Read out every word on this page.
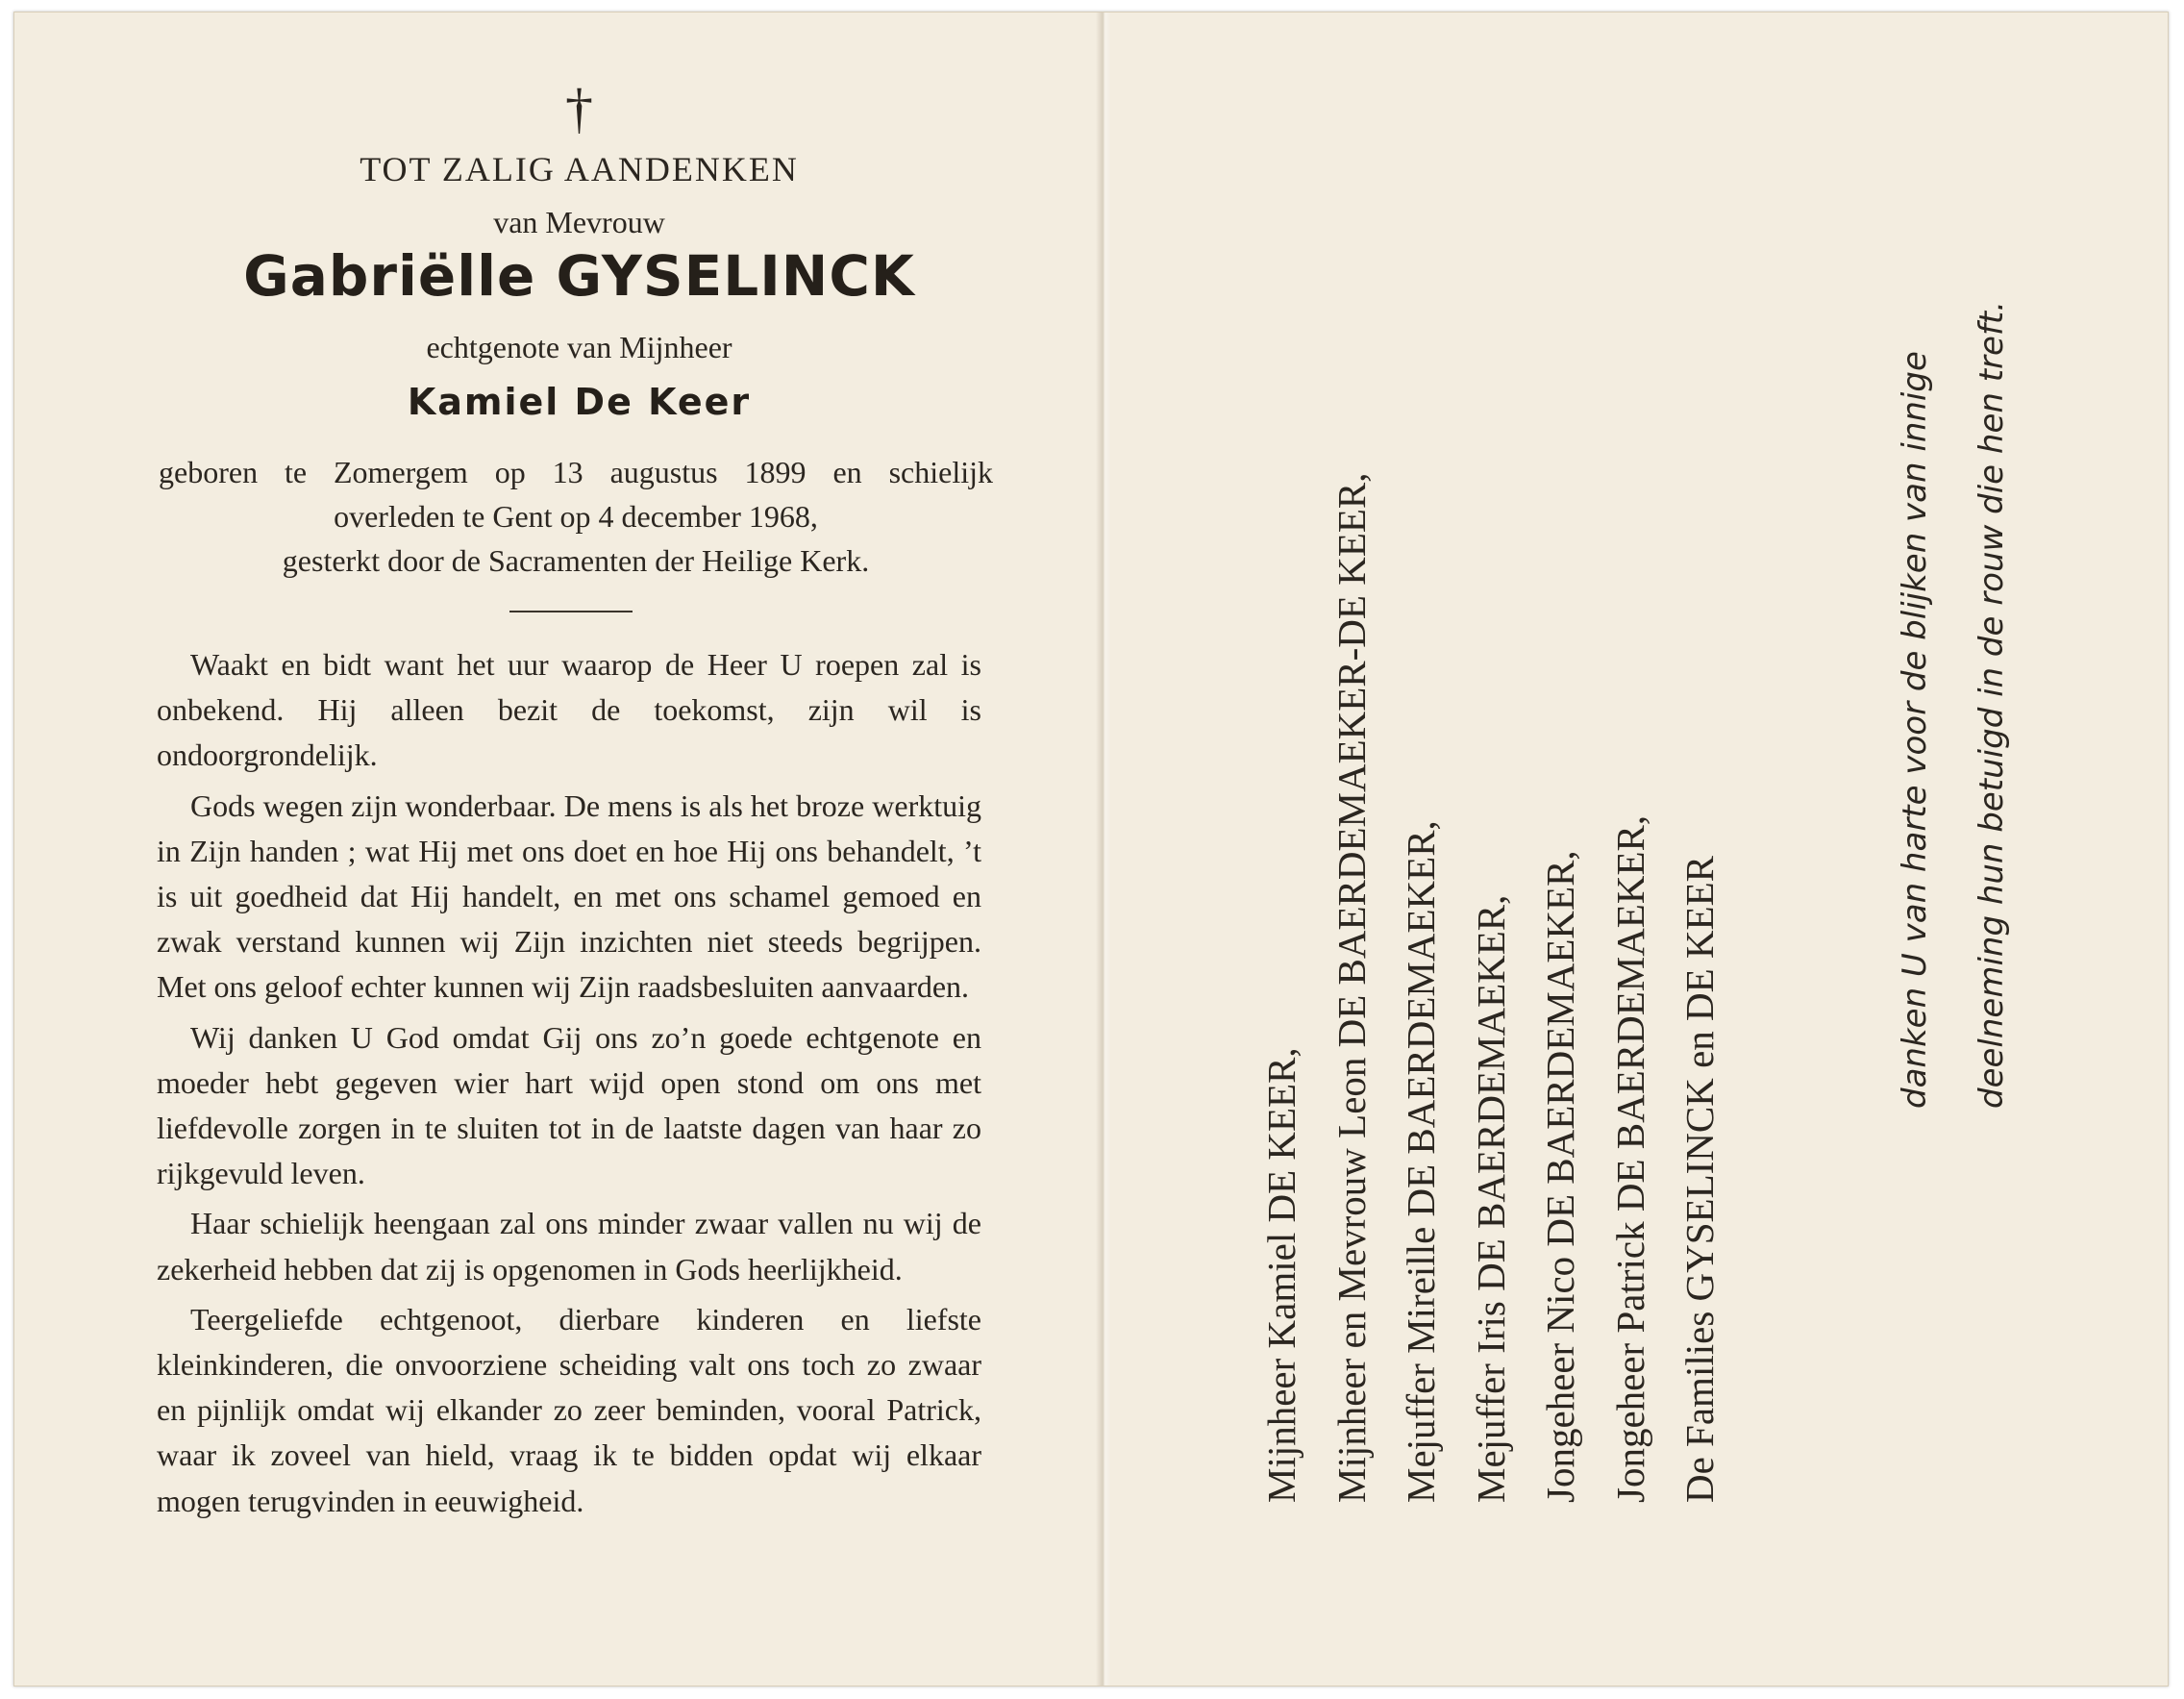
†
TOT ZALIG AANDENKEN
van Mevrouw
Gabriëlle GYSELINCK
echtgenote van Mijnheer
Kamiel De Keer
geboren te Zomergem op 13 augustus 1899 en schielijk
overleden te Gent op 4 december 1968,
gesterkt door de Sacramenten der Heilige Kerk.

Waakt en bidt want het uur waarop de Heer U roepen zal is onbekend. Hij alleen bezit de toekomst, zijn wil is ondoorgrondelijk.

Gods wegen zijn wonderbaar. De mens is als het broze werktuig in Zijn handen ; wat Hij met ons doet en hoe Hij ons behandelt, ’t is uit goedheid dat Hij handelt, en met ons schamel gemoed en zwak verstand kunnen wij Zijn inzichten niet steeds begrijpen. Met ons geloof echter kunnen wij Zijn raadsbesluiten aanvaarden.

Wij danken U God omdat Gij ons zo’n goede echtgenote en moeder hebt gegeven wier hart wijd open stond om ons met liefdevolle zorgen in te sluiten tot in de laatste dagen van haar zo rijkgevuld leven.

Haar schielijk heengaan zal ons minder zwaar vallen nu wij de zekerheid hebben dat zij is opgenomen in Gods heerlijkheid.

Teergeliefde echtgenoot, dierbare kinderen en liefste kleinkinderen, die onvoorziene scheiding valt ons toch zo zwaar en pijnlijk omdat wij elkander zo zeer beminden, vooral Patrick, waar ik zoveel van hield, vraag ik te bidden opdat wij elkaar mogen terugvinden in eeuwigheid.	Mijnheer Kamiel DE KEER, Mijnheer en Mevrouw Leon DE BAERDEMAEKER-DE KEER, Mejuffer Mireille DE BAERDEMAEKER, Mejuffer Iris DE BAERDEMAEKER, Jongeheer Nico DE BAERDEMAEKER, Jongeheer Patrick DE BAERDEMAEKER, De Families GYSELINCK en DE KEER
danken U van harte voor de blijken van innige	deelneming hun betuigd in de rouw die hen treft.
